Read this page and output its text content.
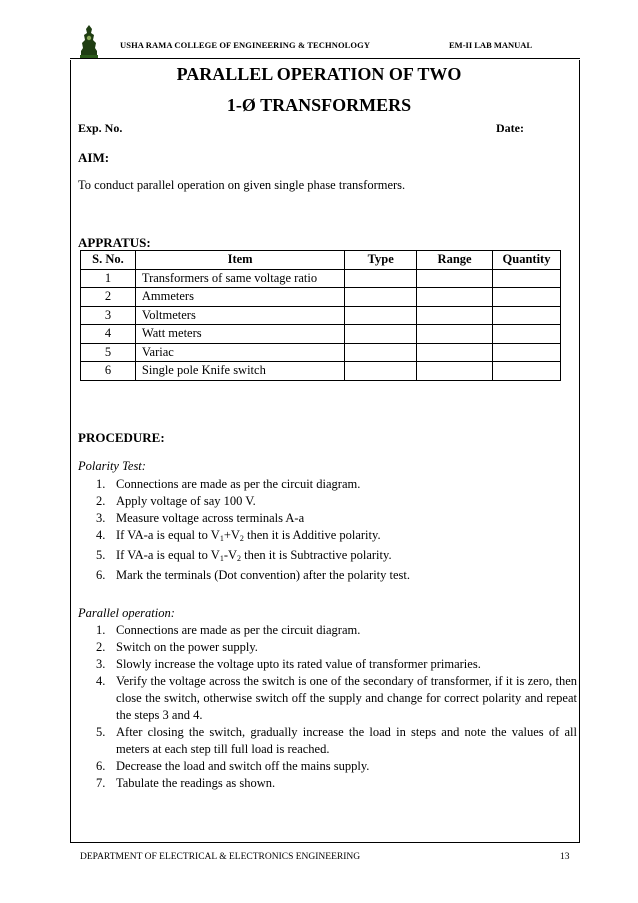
USHA RAMA COLLEGE OF ENGINEERING & TECHNOLOGY	EM-II LAB MANUAL
PARALLEL OPERATION OF TWO
1-Ø TRANSFORMERS
Exp. No.	Date:
AIM:
To conduct parallel operation on given single phase transformers.
APPRATUS:
S. No.	Item	Type	Range	Quantity
1	Transformers of same voltage ratio			
2	Ammeters			
3	Voltmeters			
4	Watt meters			
5	Variac			
6	Single pole Knife switch			
PROCEDURE:
Polarity Test:
1. Connections are made as per the circuit diagram.
2. Apply voltage of say 100 V.
3. Measure voltage across terminals A-a
4. If VA-a is equal to $V_1+V_2$ then it is Additive polarity.
5. If VA-a is equal to $V_1-V_2$ then it is Subtractive polarity.
6. Mark the terminals (Dot convention) after the polarity test.
Parallel operation:
1. Connections are made as per the circuit diagram.
2. Switch on the power supply.
3. Slowly increase the voltage upto its rated value of transformer primaries.
4. Verify the voltage across the switch is one of the secondary of transformer, if it is zero, then close the switch, otherwise switch off the supply and change for correct polarity and repeat the steps 3 and 4.
5. After closing the switch, gradually increase the load in steps and note the values of all meters at each step till full load is reached.
6. Decrease the load and switch off the mains supply.
7. Tabulate the readings as shown.
DEPARTMENT OF ELECTRICAL & ELECTRONICS ENGINEERING	13
